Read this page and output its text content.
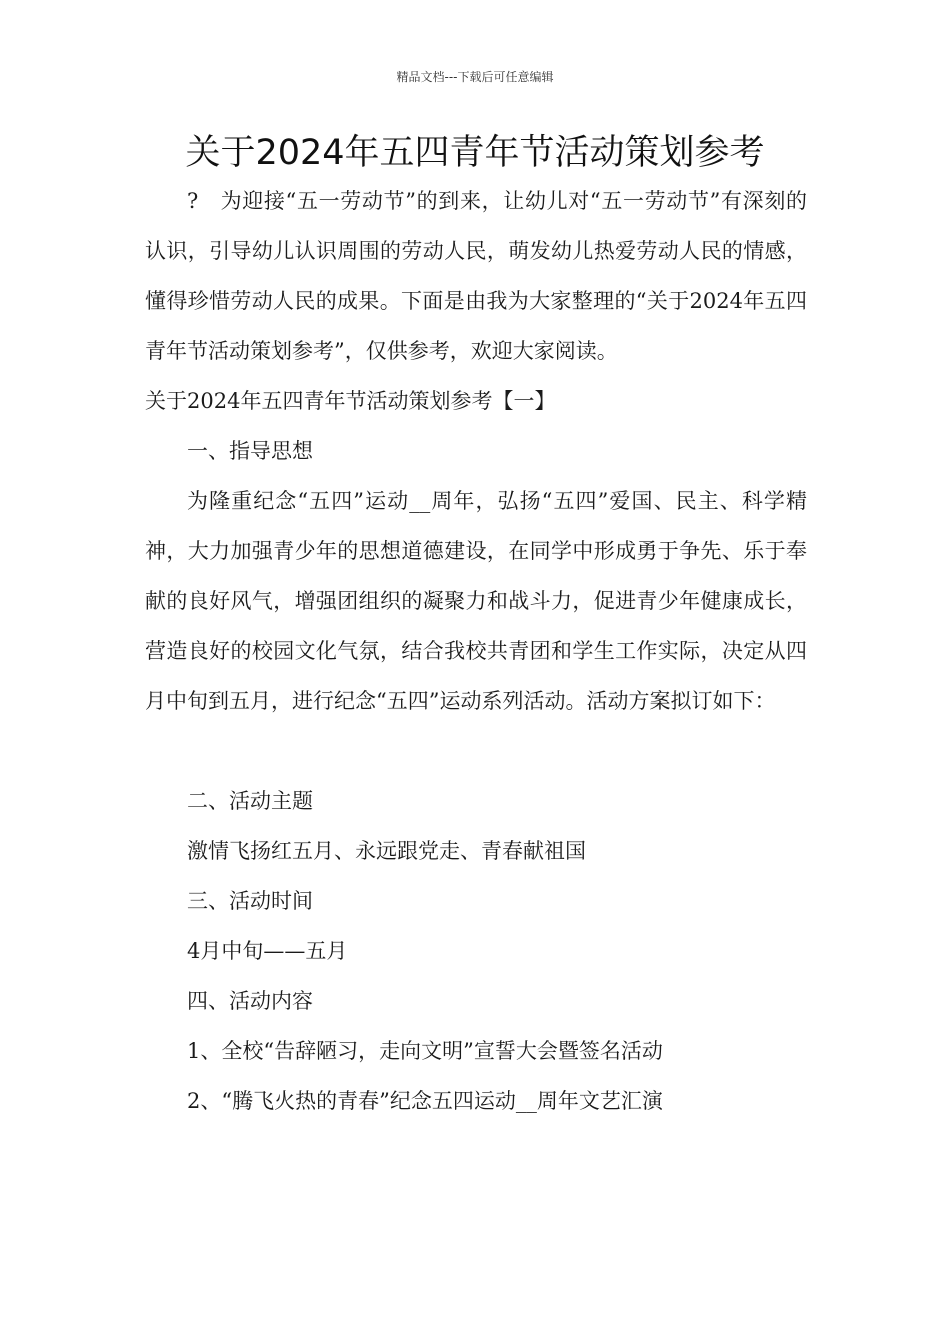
精品文档---下载后可任意编辑
关于2024年五四青年节活动策划参考

?　为迎接“五一劳动节”的到来，让幼儿对“五一劳动节”有深刻的认识，引导幼儿认识周围的劳动人民，萌发幼儿热爱劳动人民的情感，懂得珍惜劳动人民的成果。下面是由我为大家整理的“关于2024年五四青年节活动策划参考”，仅供参考，欢迎大家阅读。

关于2024年五四青年节活动策划参考【一】

一、指导思想

为隆重纪念“五四”运动__周年，弘扬“五四”爱国、民主、科学精神，大力加强青少年的思想道德建设，在同学中形成勇于争先、乐于奉献的良好风气，增强团组织的凝聚力和战斗力，促进青少年健康成长，营造良好的校园文化气氛，结合我校共青团和学生工作实际，决定从四月中旬到五月，进行纪念“五四”运动系列活动。活动方案拟订如下：

二、活动主题

激情飞扬红五月、永远跟党走、青春献祖国

三、活动时间

4月中旬——五月

四、活动内容

1、全校“告辞陋习，走向文明”宣誓大会暨签名活动

2、“腾飞火热的青春”纪念五四运动__周年文艺汇演
